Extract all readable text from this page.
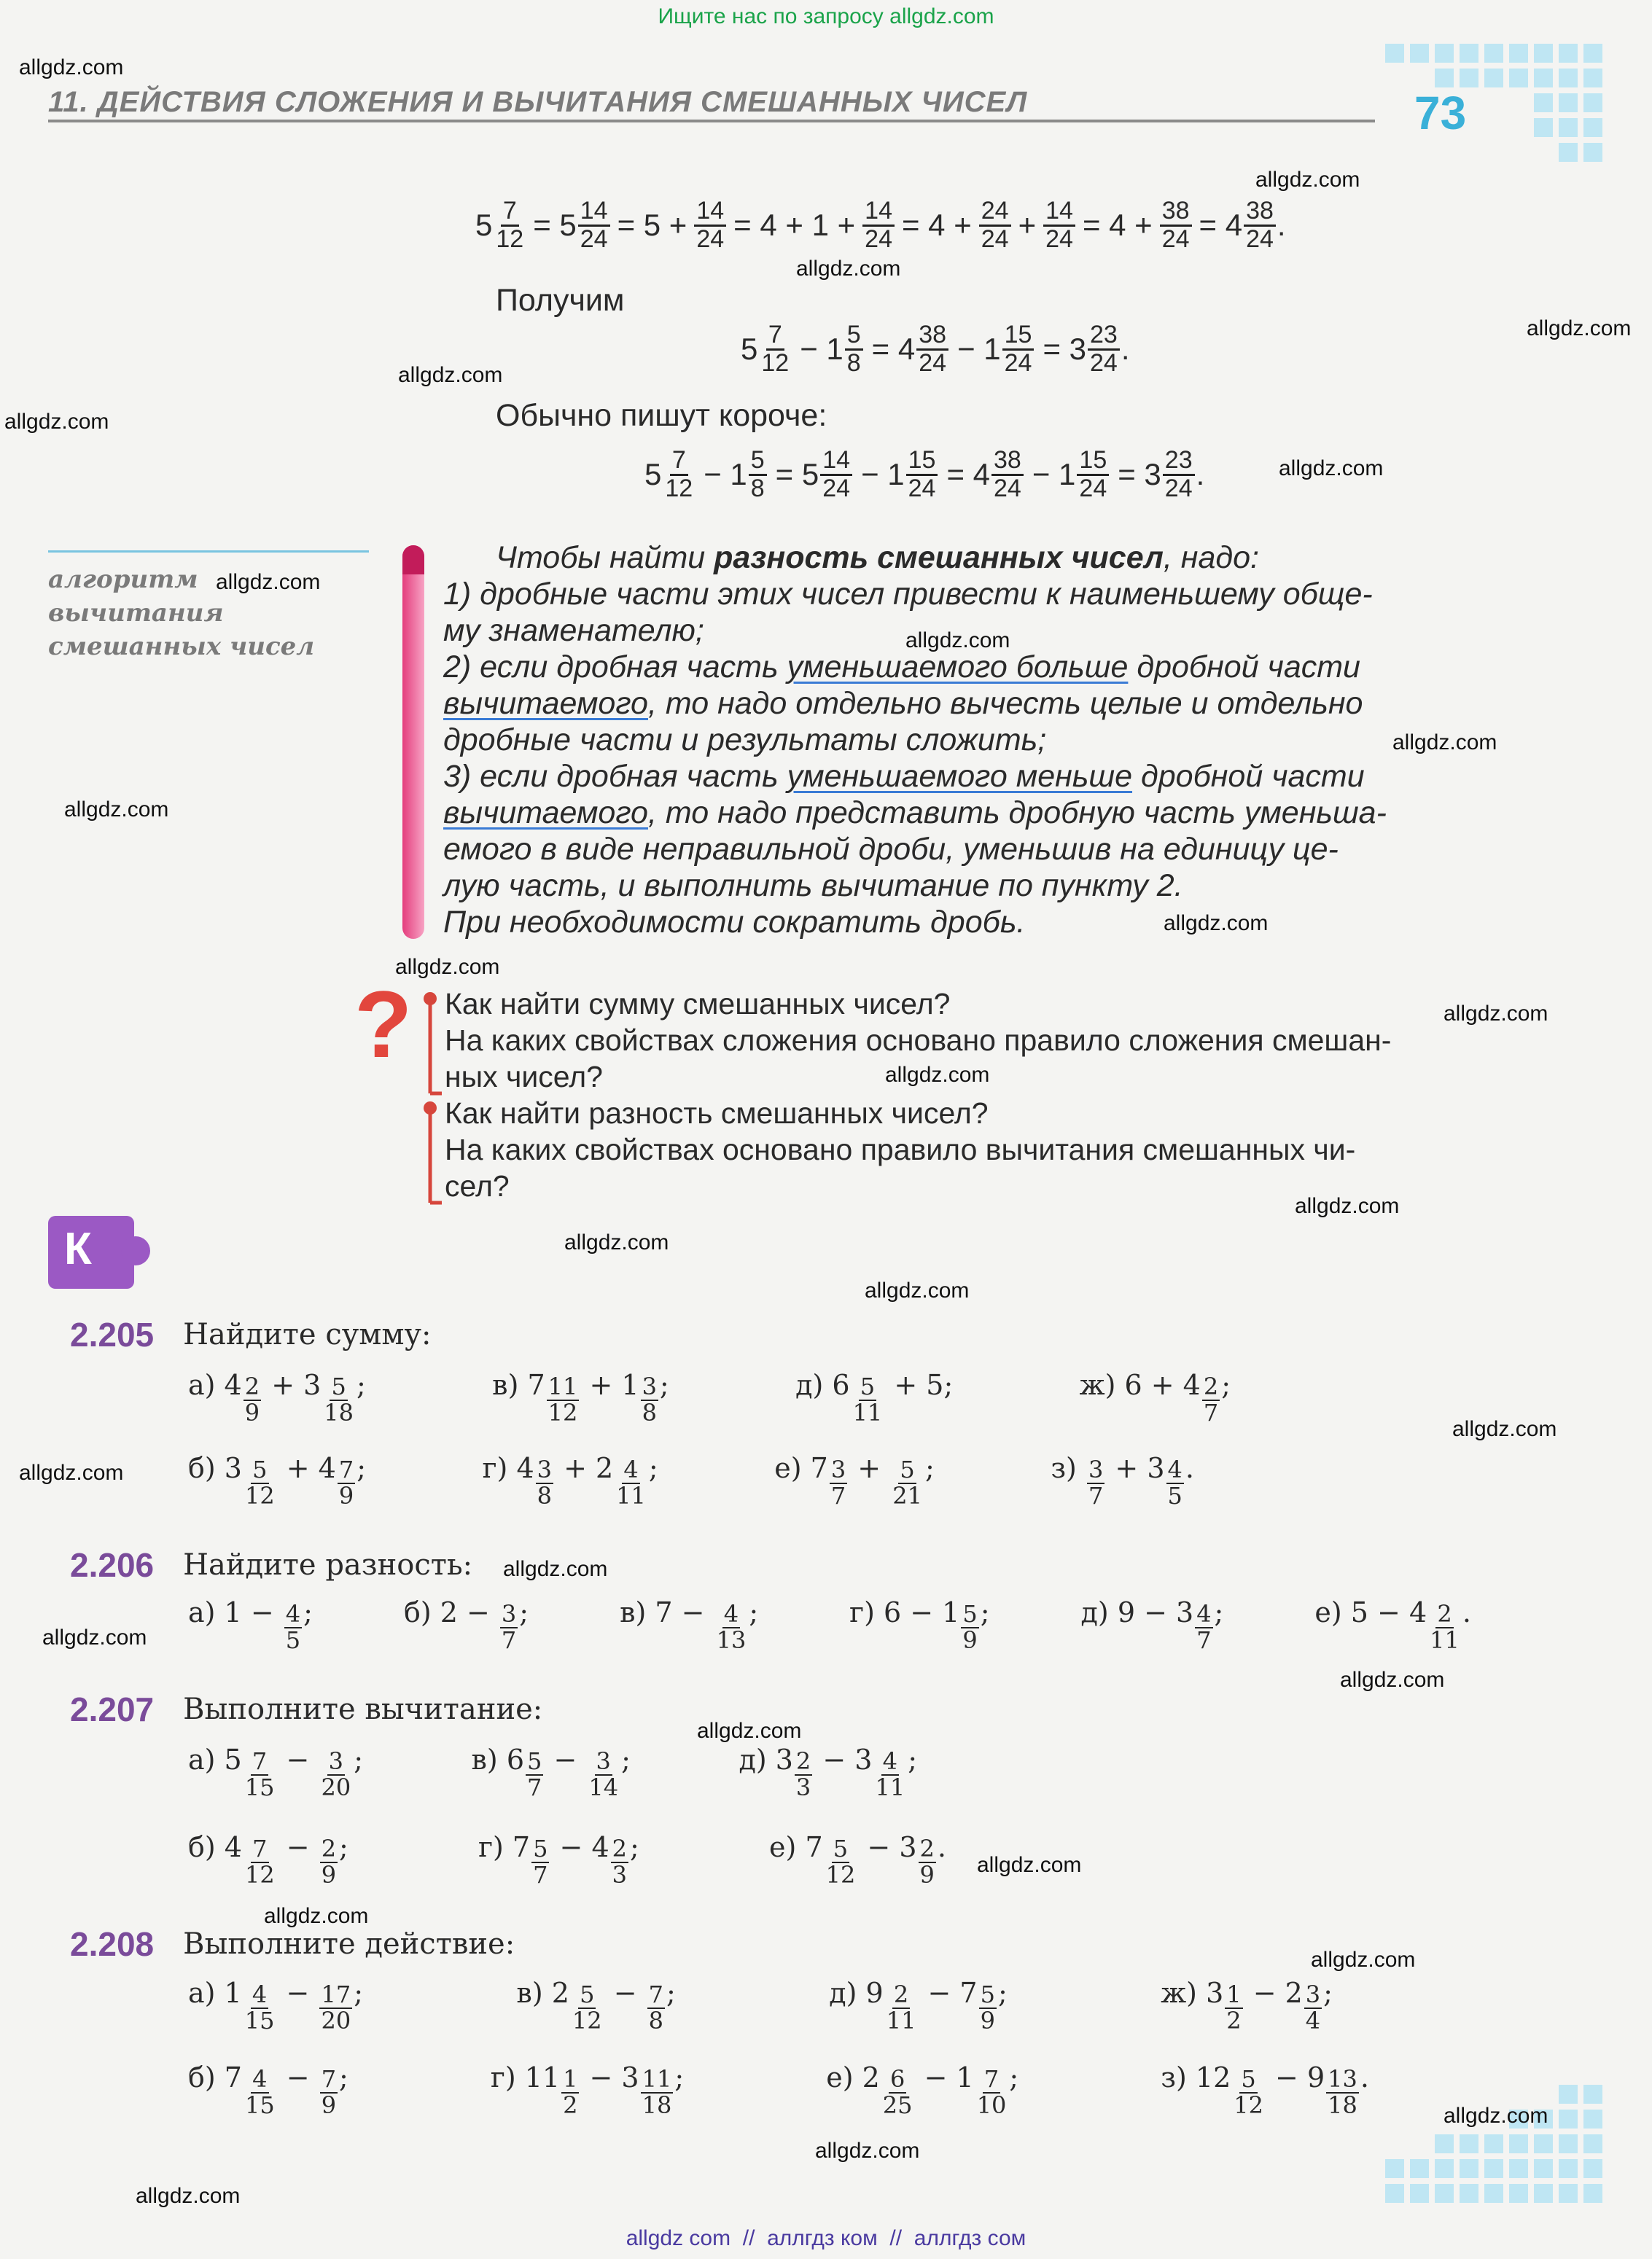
Ищите нас по запросу allgdz.com
11. ДЕЙСТВИЯ СЛОЖЕНИЯ И ВЫЧИТАНИЯ СМЕШАННЫХ ЧИСЕЛ	73
$5 \frac{7}{12} = 5 \frac{14}{24} = 5 + \frac{14}{24} = 4 + 1 + \frac{14}{24} = 4 + \frac{24}{24} + \frac{14}{24} = 4 + \frac{38}{24} = 4 \frac{38}{24}$ .
Получим
$5 \frac{7}{12} - 1 \frac{5}{8} = 4 \frac{38}{24} - 1 \frac{15}{24} = 3 \frac{23}{24}$ .
Обычно пишут короче:
$5 \frac{7}{12} - 1 \frac{5}{8} = 5 \frac{14}{24} - 1 \frac{15}{24} = 4 \frac{38}{24} - 1 \frac{15}{24} = 3 \frac{23}{24}$ .
алгоритм
вычитания
смешанных чисел
Чтобы найти разность смешанных чисел, надо:
1) дробные части этих чисел привести к наименьшему обще-
му знаменателю;
2) если дробная часть уменьшаемого больше дробной части
вычитаемого, то надо отдельно вычесть целые и отдельно
дробные части и результаты сложить;
3) если дробная часть уменьшаемого меньше дробной части
вычитаемого, то надо представить дробную часть уменьша-
емого в виде неправильной дроби, уменьшив на единицу це-
лую часть, и выполнить вычитание по пункту 2.
При необходимости сократить дробь.
? Как найти сумму смешанных чисел?
На каких свойствах сложения основано правило сложения смешан-
ных чисел?
Как найти разность смешанных чисел?
На каких свойствах основано правило вычитания смешанных чи-
сел?
К
2.205 Найдите сумму:
а) $4 \frac{2}{9} + 3 \frac{5}{18}$ ;	в) $7 \frac{11}{12} + 1 \frac{3}{8}$ ;	д) $6 \frac{5}{11} + 5$;	ж) $6 + 4 \frac{2}{7}$ ;
б) $3 \frac{5}{12} + 4 \frac{7}{9}$ ;	г) $4 \frac{3}{8} + 2 \frac{4}{11}$ ;	е) $7 \frac{3}{7} + \frac{5}{21}$ ;	$з) \frac{3}{7} + 3 \frac{4}{5}$ .
2.206 Найдите разность:
а) $1 - \frac{4}{5}$ ;	б) $2 - \frac{3}{7}$ ;	в) $7 - \frac{4}{13}$ ;	г) $6 - 1 \frac{5}{9}$ ;	д) $9 - 3 \frac{4}{7}$ ;	е) $5 - 4 \frac{2}{11}$ .
2.207 Выполните вычитание:
а) $5 \frac{7}{15} - \frac{3}{20}$ ;	в) $6 \frac{5}{7} - \frac{3}{14}$ ;	д) $3 \frac{2}{3} - 3 \frac{4}{11}$ ;
б) $4 \frac{7}{12} - \frac{2}{9}$ ;	г) $7 \frac{5}{7} - 4 \frac{2}{3}$ ;	е) $7 \frac{5}{12} - 3 \frac{2}{9}$ .
2.208 Выполните действие:
а) $1 \frac{4}{15} - \frac{17}{20}$ ;	в) $2 \frac{5}{12} - \frac{7}{8}$ ;	д) $9 \frac{2}{11} - 7 \frac{5}{9}$ ;	ж) $3 \frac{1}{2} - 2 \frac{3}{4}$ ;
б) $7 \frac{4}{15} - \frac{7}{9}$ ;	г) $11 \frac{1}{2} - 3 \frac{11}{18}$ ;	е) $2 \frac{6}{25} - 1 \frac{7}{10}$ ;	з) $12 \frac{5}{12} - 9 \frac{13}{18}$ .
allgdz.com
allgdz.com
allgdz.com
allgdz.com
allgdz.com
allgdz.com
allgdz.com
allgdz.com
allgdz.com
allgdz.com
allgdz.com
allgdz.com
allgdz.com
allgdz.com
allgdz.com
allgdz.com
allgdz.com
allgdz.com
allgdz.com
allgdz.com
allgdz.com
allgdz.com
allgdz.com
allgdz.com
allgdz.com
allgdz.com
allgdz.com
allgdz.com
allgdz.com
allgdz.com
allgdz com  //  аллгдз ком  //  аллгдз сом
